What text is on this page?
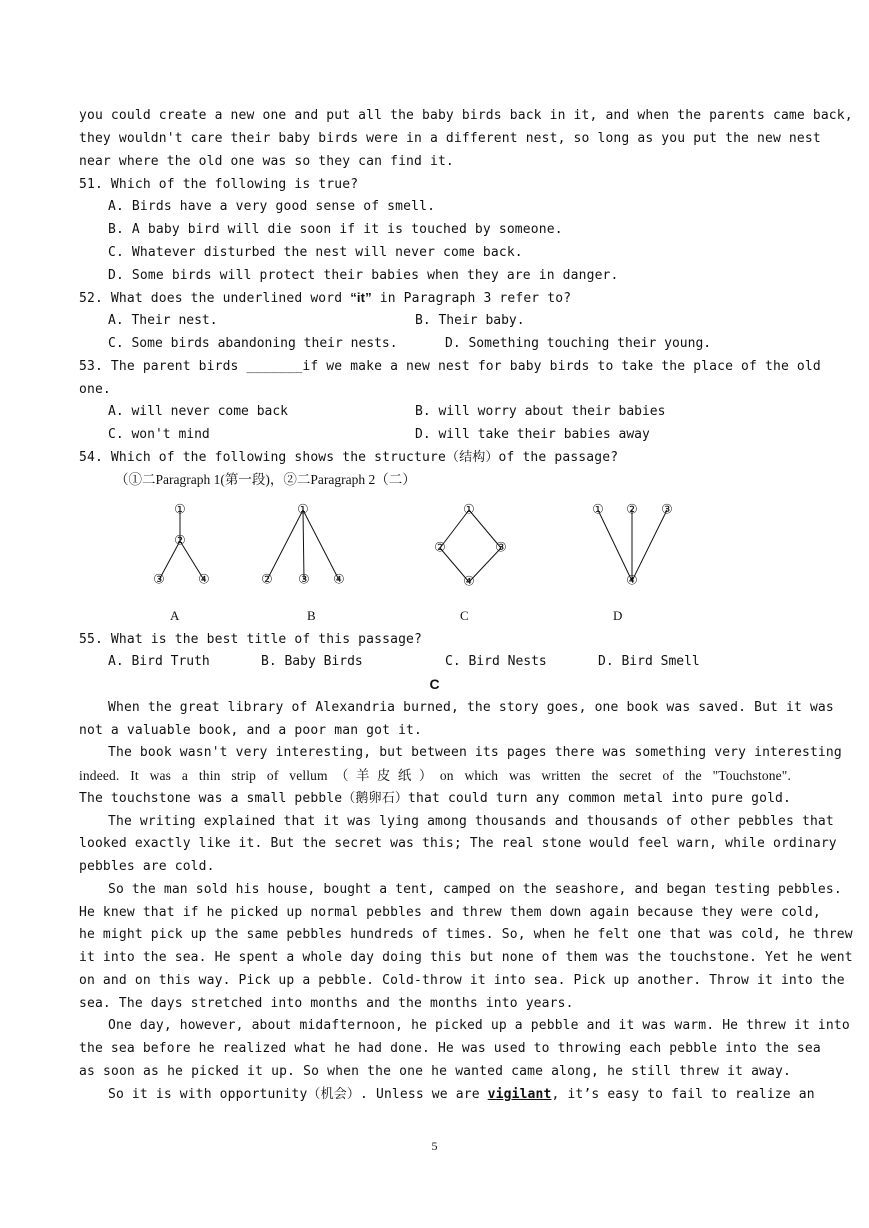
you could create a new one and put all the baby birds back in it, and when the parents came back,
they wouldn't care their baby birds were in a different nest, so long as you put the new nest
near where the old one was so they can find it.
51. Which of the following is true?
A. Birds have a very good sense of smell.
B. A baby bird will die soon if it is touched by someone.
C. Whatever disturbed the nest will never come back.
D. Some birds will protect their babies when they are in danger.
52. What does the underlined word “it” in Paragraph 3 refer to?
A. Their nest.	B. Their baby.
C. Some birds abandoning their nests.	D. Something touching their young.
53. The parent birds _______if we make a new nest for baby birds to take the place of the old
one.
A. will never come back	B. will worry about their babies
C. won't mind	D. will take their babies away
54. Which of the following shows the structure（结构）of the passage?
（①二Paragraph 1(第一段)，②二Paragraph 2（二）
①
②
③	④
①
② ③ ④
①
②	③
④
① ② ③
④
A	B	C	D
55. What is the best title of this passage?
A. Bird Truth	B. Baby Birds	C. Bird Nests	D. Bird Smell
C
When the great library of Alexandria burned, the story goes, one book was saved. But it was
not a valuable book, and a poor man got it.
The book wasn't very interesting, but between its pages there was something very interesting
indeed. It was a thin strip of vellum（羊皮纸）on which was written the secret of the "Touchstone".
The touchstone was a small pebble（鹅卵石）that could turn any common metal into pure gold.
The writing explained that it was lying among thousands and thousands of other pebbles that
looked exactly like it. But the secret was this; The real stone would feel warn, while ordinary
pebbles are cold.
So the man sold his house, bought a tent, camped on the seashore, and began testing pebbles.
He knew that if he picked up normal pebbles and threw them down again because they were cold,
he might pick up the same pebbles hundreds of times. So, when he felt one that was cold, he threw
it into the sea. He spent a whole day doing this but none of them was the touchstone. Yet he went
on and on this way. Pick up a pebble. Cold-throw it into sea. Pick up another. Throw it into the
sea. The days stretched into months and the months into years.
One day, however, about midafternoon, he picked up a pebble and it was warm. He threw it into
the sea before he realized what he had done. He was used to throwing each pebble into the sea
as soon as he picked it up. So when the one he wanted came along, he still threw it away.
So it is with opportunity（机会）. Unless we are vigilant, it’s easy to fail to realize an
5
